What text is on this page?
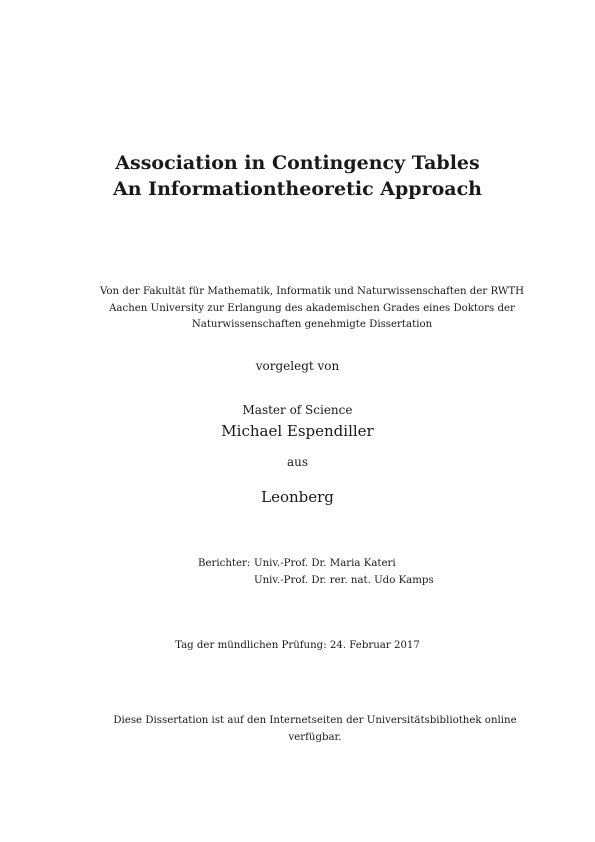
Association in Contingency Tables
An Informationtheoretic Approach
Von der Fakultät für Mathematik, Informatik und Naturwissenschaften der RWTH
Aachen University zur Erlangung des akademischen Grades eines Doktors der
Naturwissenschaften genehmigte Dissertation
vorgelegt von
Master of Science
Michael Espendiller
aus
Leonberg
Berichter: Univ.-Prof. Dr. Maria Kateri
Univ.-Prof. Dr. rer. nat. Udo Kamps
Tag der mündlichen Prüfung: 24. Februar 2017
Diese Dissertation ist auf den Internetseiten der Universitätsbibliothek online
verfügbar.
